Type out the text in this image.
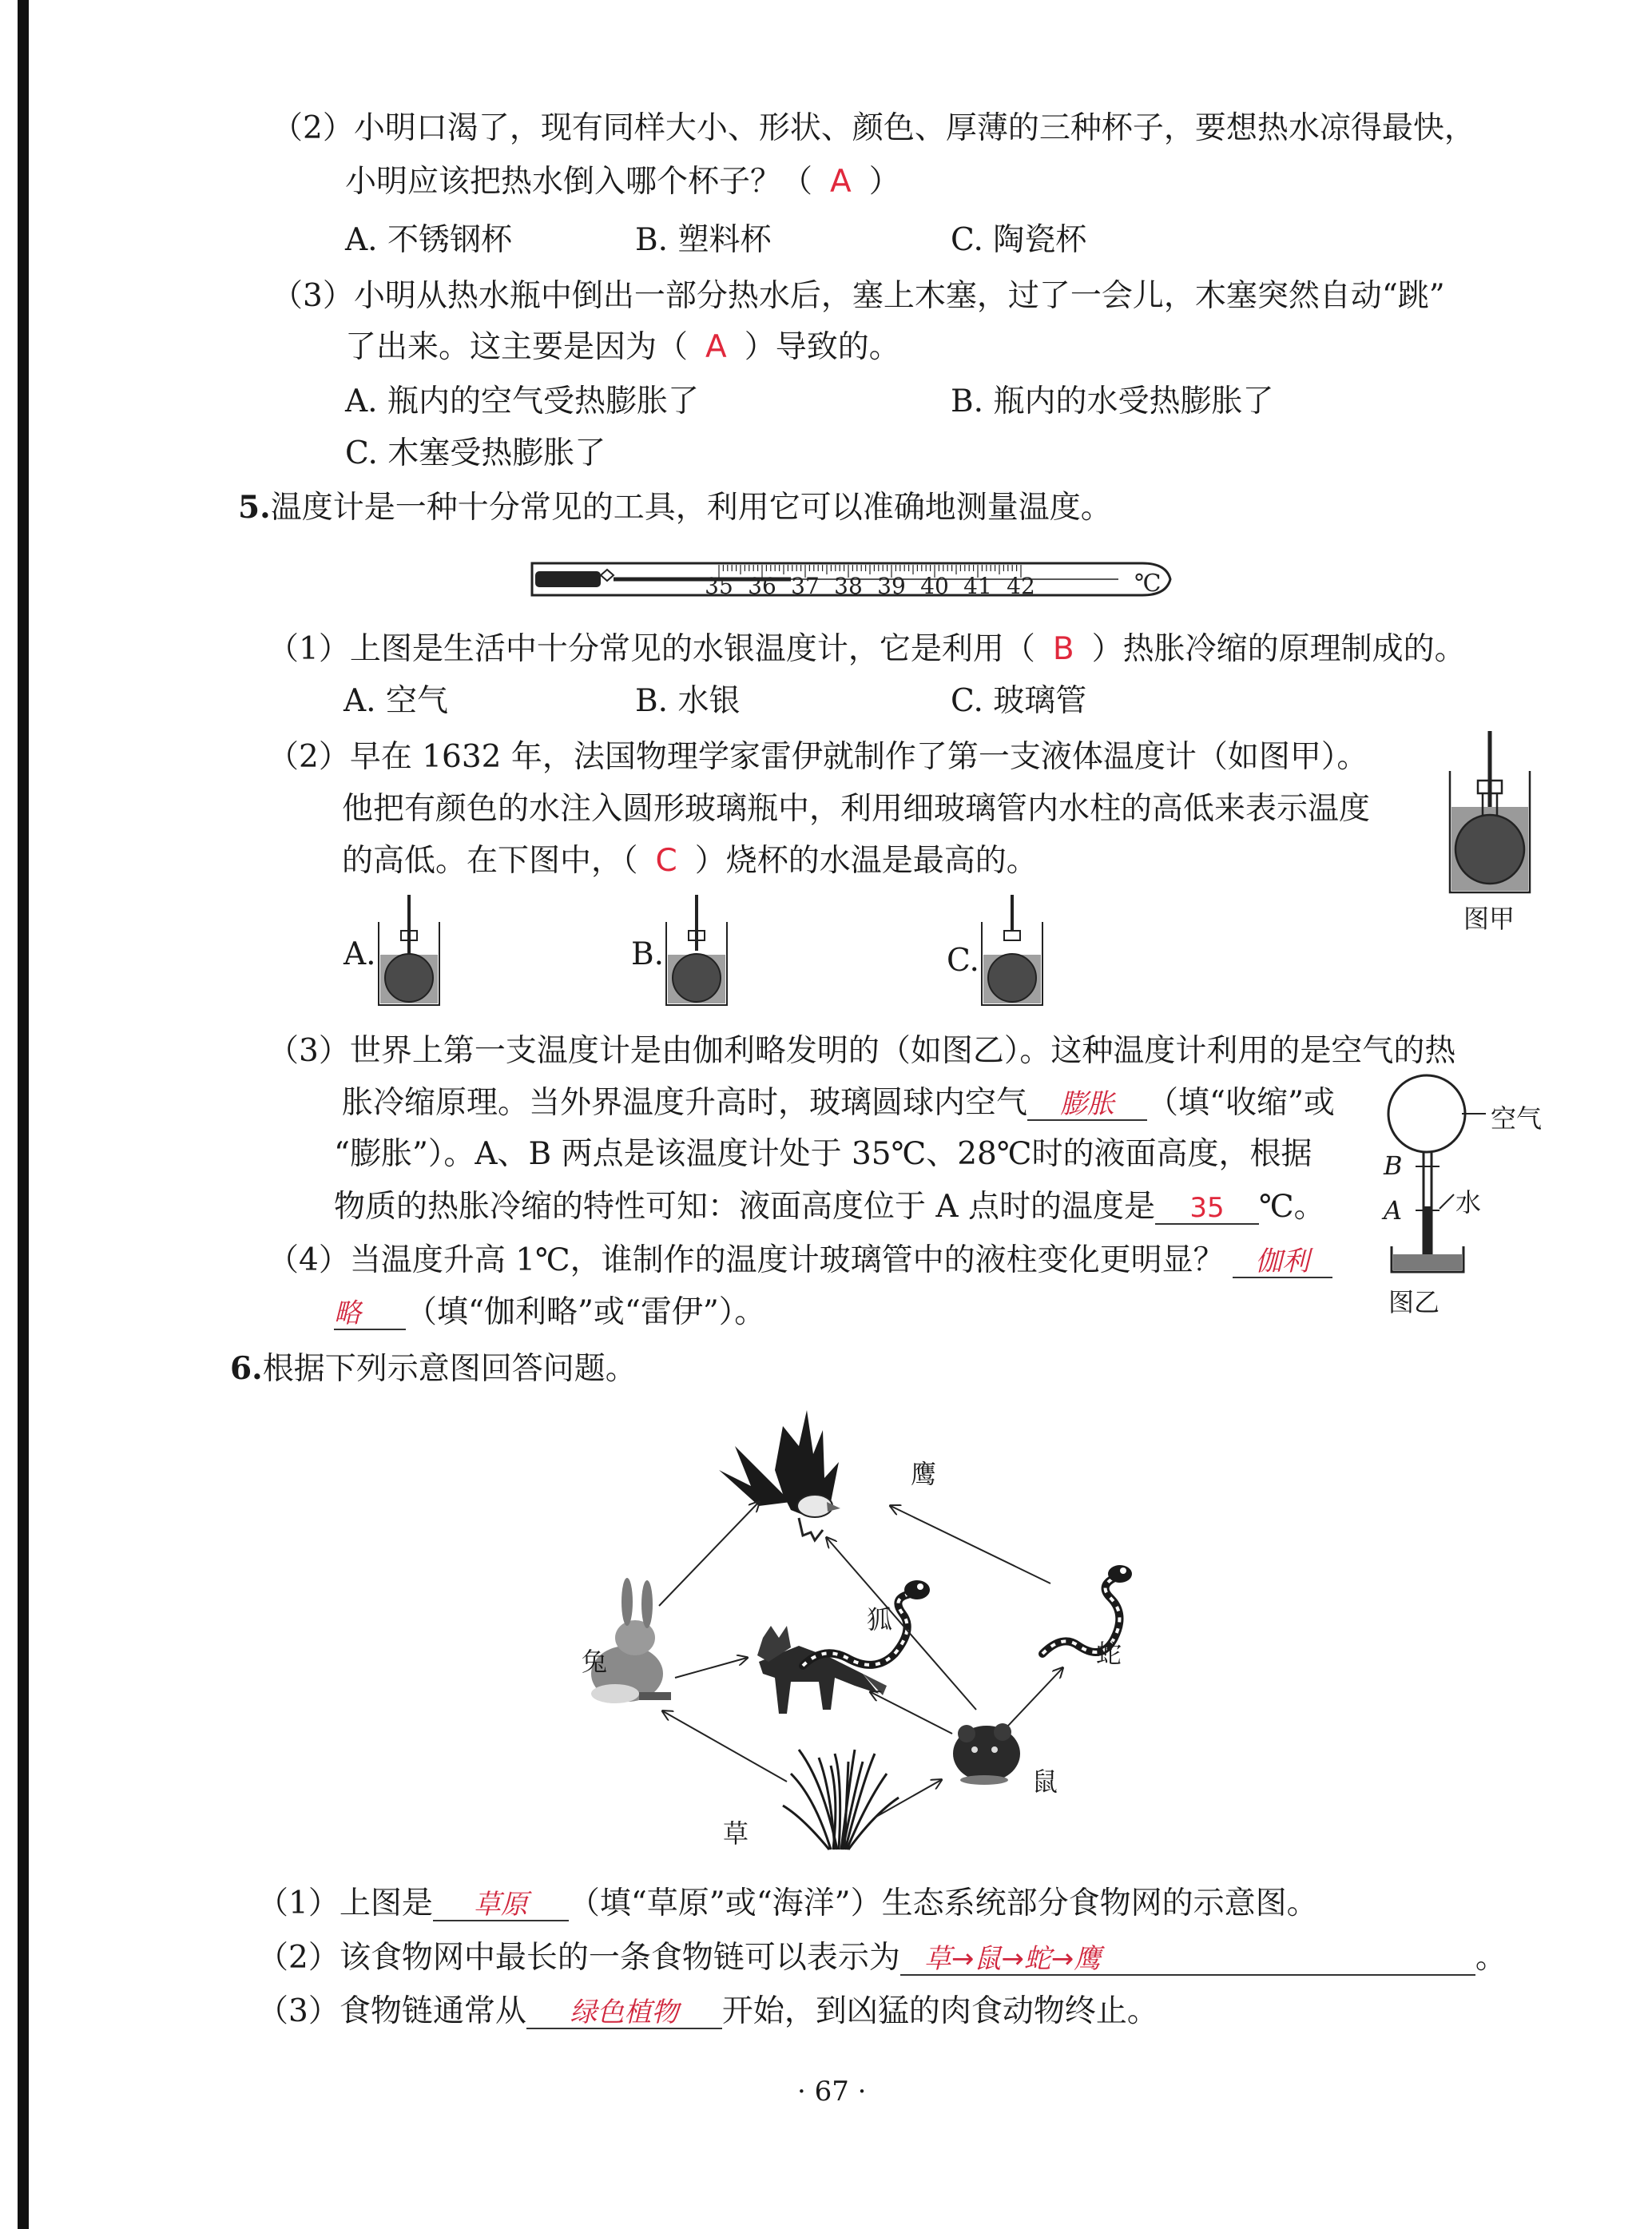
（2）小明口渴了，现有同样大小、形状、颜色、厚薄的三种杯子，要想热水凉得最快，
小明应该把热水倒入哪个杯子？（ A ）
A. 不锈钢杯	B. 塑料杯	C. 陶瓷杯
（3）小明从热水瓶中倒出一部分热水后，塞上木塞，过了一会儿，木塞突然自动“跳”
了出来。这主要是因为（ A ）导致的。
A. 瓶内的空气受热膨胀了	B. 瓶内的水受热膨胀了
C. 木塞受热膨胀了
5.温度计是一种十分常见的工具，利用它可以准确地测量温度。
35 36 37 38 39 40 41 42	℃
（1）上图是生活中十分常见的水银温度计，它是利用（ B ）热胀冷缩的原理制成的。
A. 空气	B. 水银	C. 玻璃管
（2）早在 1632 年，法国物理学家雷伊就制作了第一支液体温度计（如图甲）。
他把有颜色的水注入圆形玻璃瓶中，利用细玻璃管内水柱的高低来表示温度
的高低。在下图中，（ C ）烧杯的水温是最高的。
图甲
A.	B.	C.
（3）世界上第一支温度计是由伽利略发明的（如图乙）。这种温度计利用的是空气的热
胀冷缩原理。当外界温度升高时，玻璃圆球内空气 膨胀 （填“收缩”或
“膨胀”）。A、B 两点是该温度计处于 35℃、28℃时的液面高度，根据
物质的热胀冷缩的特性可知：液面高度位于 A 点时的温度是 35 ℃。
空气
水
B
A
图乙
（4）当温度升高 1℃，谁制作的温度计玻璃管中的液柱变化更明显？ 伽利
略 （填“伽利略”或“雷伊”）。
6.根据下列示意图回答问题。
鹰
兔
狐
蛇
鼠
草
（1）上图是 草原 （填“草原”或“海洋”）生态系统部分食物网的示意图。
（2）该食物网中最长的一条食物链可以表示为 草→鼠→蛇→鹰	。
（3）食物链通常从 绿色植物 开始，到凶猛的肉食动物终止。
· 67 ·
